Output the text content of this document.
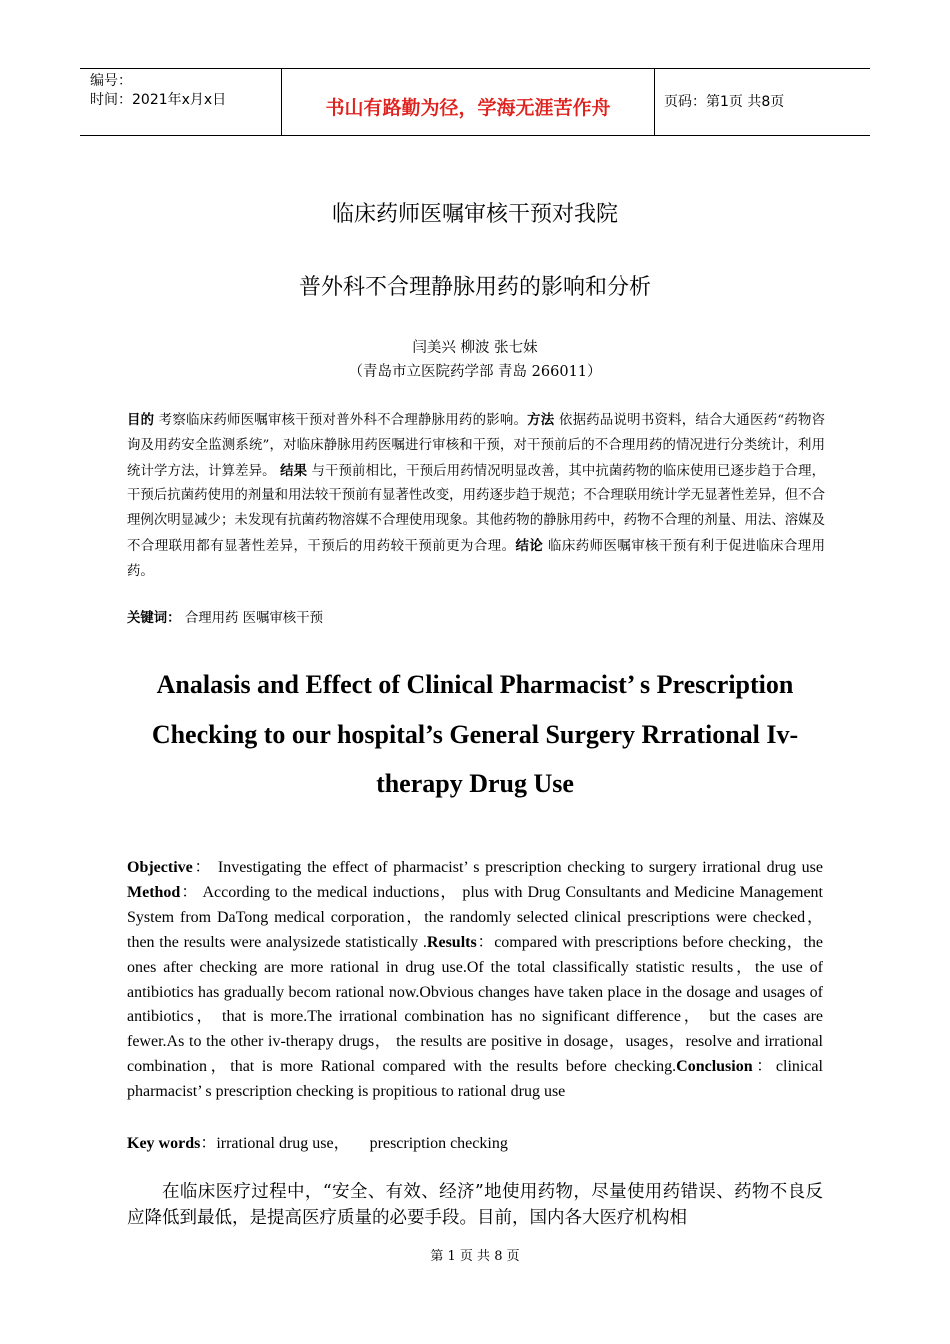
编号：
时间：2021年x月x日	书山有路勤为径，学海无涯苦作舟	页码：第1页 共8页
临床药师医嘱审核干预对我院
普外科不合理静脉用药的影响和分析
闫美兴 柳波 张七妹
（青岛市立医院药学部 青岛 266011）
目的 考察临床药师医嘱审核干预对普外科不合理静脉用药的影响。方法 依据药品说明书资料，结合大通医药“药物咨询及用药安全监测系统”，对临床静脉用药医嘱进行审核和干预，对干预前后的不合理用药的情况进行分类统计，利用统计学方法，计算差异。 结果 与干预前相比，干预后用药情况明显改善，其中抗菌药物的临床使用已逐步趋于合理，干预后抗菌药使用的剂量和用法较干预前有显著性改变，用药逐步趋于规范；不合理联用统计学无显著性差异，但不合理例次明显减少；未发现有抗菌药物溶媒不合理使用现象。其他药物的静脉用药中，药物不合理的剂量、用法、溶媒及不合理联用都有显著性差异，干预后的用药较干预前更为合理。结论 临床药师医嘱审核干预有利于促进临床合理用药。
关键词： 合理用药 医嘱审核干预
Analasis and Effect of Clinical Pharmacist’ s Prescription
Checking to our hospital’s General Surgery Rrrational Iv-
therapy Drug Use
Objective： Investigating the effect of pharmacist’ s prescription checking to surgery irrational drug use Method： According to the medical inductions， plus with Drug Consultants and Medicine Management System from DaTong medical corporation，the randomly selected clinical prescriptions were checked，then the results were analysizede statistically .Results：compared with prescriptions before checking，the ones after checking are more rational in drug use.Of the total classifically statistic results，the use of antibiotics has gradually becom rational now.Obvious changes have taken place in the dosage and usages of antibiotics， that is more.The irrational combination has no significant difference， but the cases are fewer.As to the other iv-therapy drugs， the results are positive in dosage，usages，resolve and irrational combination，that is more Rational compared with the results before checking.Conclusion：clinical pharmacist’ s prescription checking is propitious to rational drug use
Key words：irrational drug use， prescription checking
在临床医疗过程中，“安全、有效、经济”地使用药物，尽量使用药错误、药物不良反应降低到最低，是提高医疗质量的必要手段。目前，国内各大医疗机构相
第 1 页 共 8 页
